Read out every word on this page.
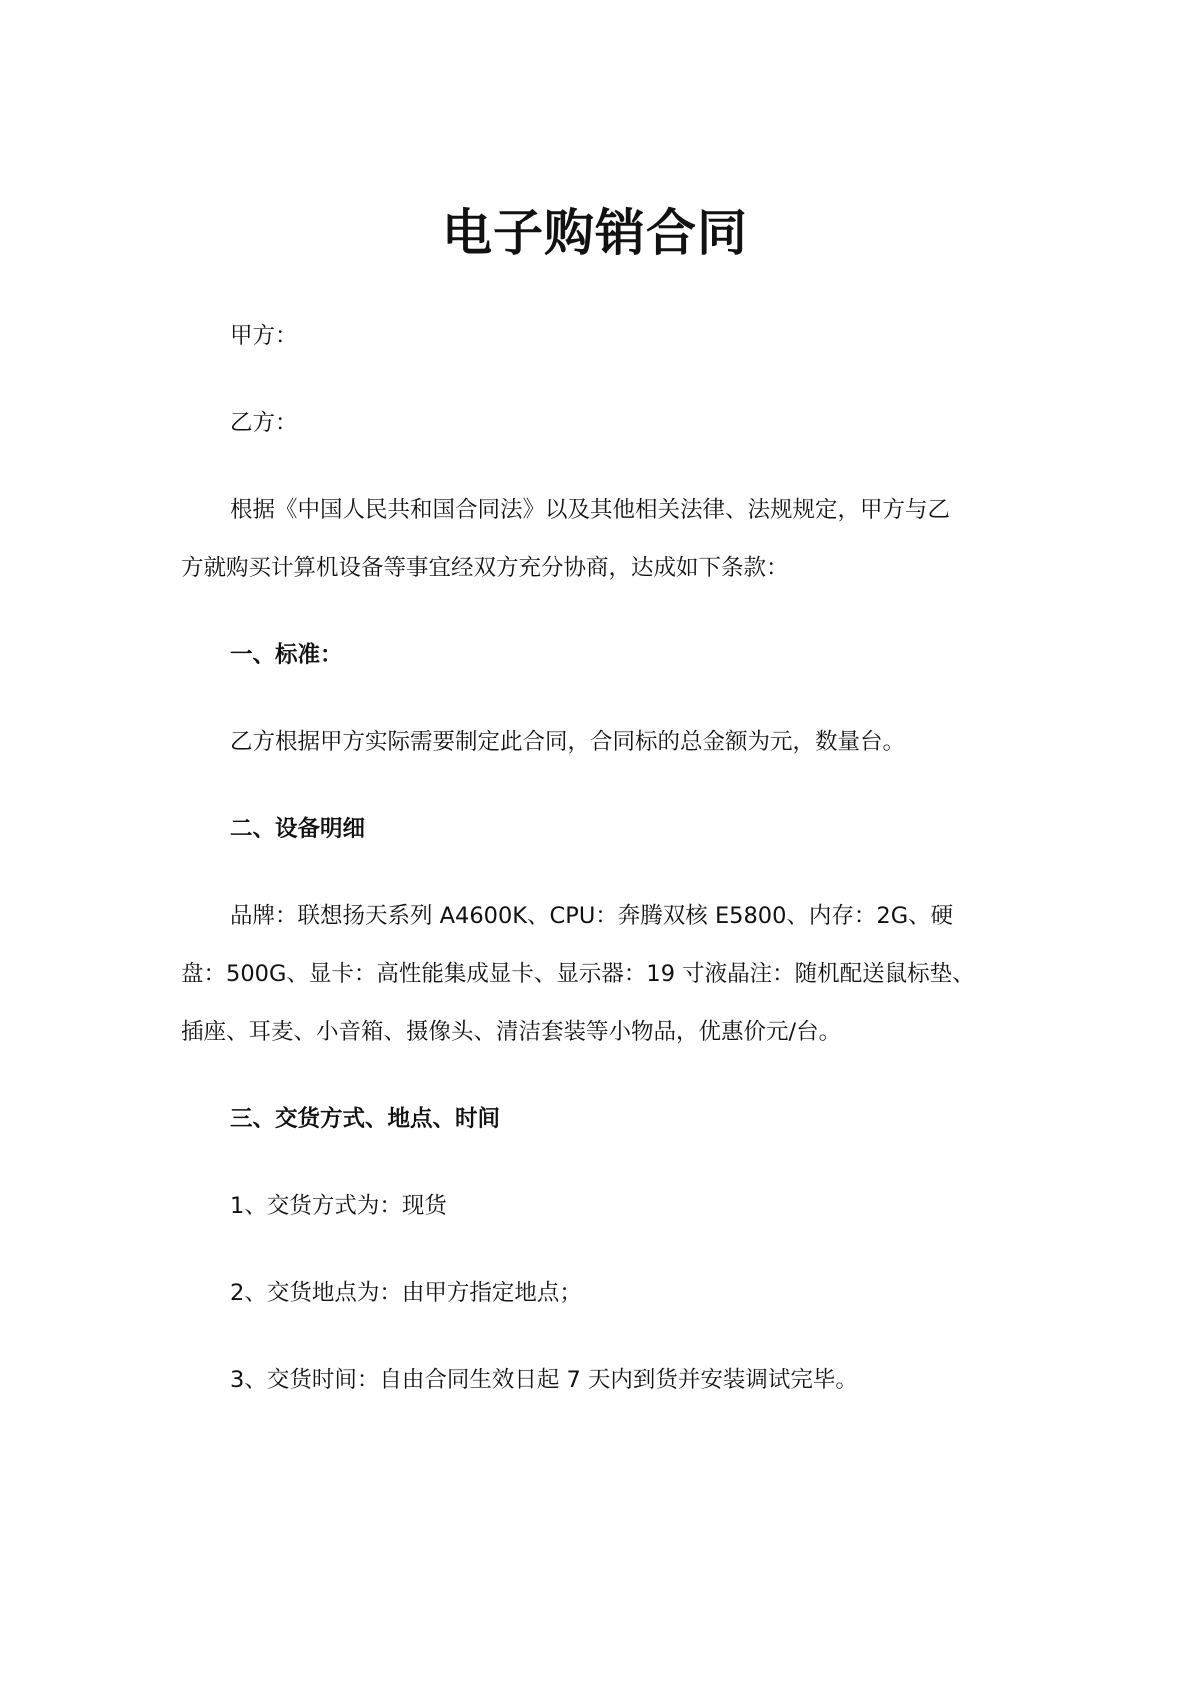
电子购销合同
甲方：
乙方：
根据《中国人民共和国合同法》以及其他相关法律、法规规定，甲方与乙
方就购买计算机设备等事宜经双方充分协商，达成如下条款：
一、标准：
乙方根据甲方实际需要制定此合同，合同标的总金额为元，数量台。
二、设备明细
品牌：联想扬天系列 A4600K、CPU：奔腾双核 E5800、内存：2G、硬
盘：500G、显卡：高性能集成显卡、显示器：19 寸液晶注：随机配送鼠标垫、
插座、耳麦、小音箱、摄像头、清洁套装等小物品，优惠价元/台。
三、交货方式、地点、时间
1、交货方式为：现货
2、交货地点为：由甲方指定地点；
3、交货时间：自由合同生效日起 7 天内到货并安装调试完毕。
